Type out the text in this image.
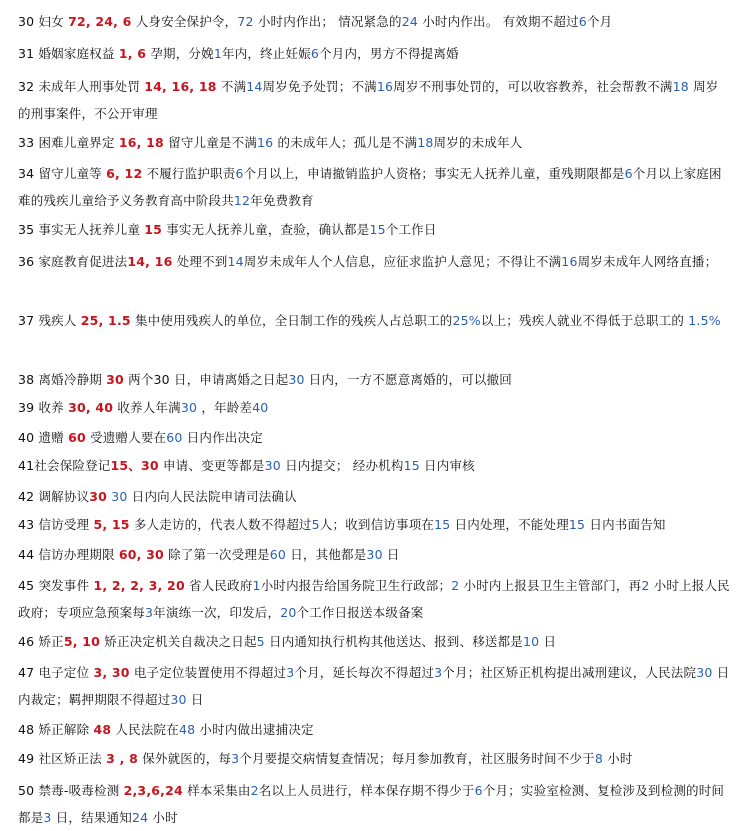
30 妇女 72, 24, 6 人身安全保护令，72 小时内作出； 情况紧急的24 小时内作出。 有效期不超过6个月
31 婚姻家庭权益 1, 6 孕期，分娩1年内，终止妊娠6个月内，男方不得提离婚
32 未成年人刑事处罚 14, 16, 18 不满14周岁免予处罚；不满16周岁不刑事处罚的，可以收容教养，社会帮教不满18 周岁的刑事案件，不公开审理
33 困难儿童界定 16, 18 留守儿童是不满16 的未成年人；孤儿是不满18周岁的未成年人
34 留守儿童等 6, 12 不履行监护职责6个月以上，申请撤销监护人资格；事实无人抚养儿童，重残期限都是6个月以上家庭困难的残疾儿童给予义务教育高中阶段共12年免费教育
35 事实无人抚养儿童 15 事实无人抚养儿童，查验，确认都是15个工作日
36 家庭教育促进法14, 16 处理不到14周岁未成年人个人信息，应征求监护人意见；不得让不满16周岁未成年人网络直播；
37 残疾人 25, 1.5 集中使用残疾人的单位，全日制工作的残疾人占总职工的25%以上；残疾人就业不得低于总职工的 1.5%
38 离婚冷静期 30 两个30 日，申请离婚之日起30 日内，一方不愿意离婚的，可以撤回
39 收养 30, 40 收养人年满30 ，年龄差40
40 遗赠 60 受遗赠人要在60 日内作出决定
41社会保险登记15、30 申请、变更等都是30 日内提交； 经办机构15 日内审核
42 调解协议30 30 日内向人民法院申请司法确认
43 信访受理 5, 15 多人走访的，代表人数不得超过5人；收到信访事项在15 日内处理，不能处理15 日内书面告知
44 信访办理期限 60, 30 除了第一次受理是60 日，其他都是30 日
45 突发事件 1, 2, 2, 3, 20 省人民政府1小时内报告给国务院卫生行政部；2 小时内上报县卫生主管部门，再2 小时上报人民政府；专项应急预案每3年演练一次，印发后，20个工作日报送本级备案
46 矫正5, 10 矫正决定机关自裁决之日起5 日内通知执行机构其他送达、报到、移送都是10 日
47 电子定位 3, 30 电子定位装置使用不得超过3个月，延长每次不得超过3个月；社区矫正机构提出减刑建议，人民法院30 日内裁定；羁押期限不得超过30 日
48 矫正解除 48 人民法院在48 小时内做出逮捕决定
49 社区矫正法 3 , 8 保外就医的，每3个月要提交病情复查情况；每月参加教育，社区服务时间不少于8 小时
50 禁毒-吸毒检测 2,3,6,24 样本采集由2名以上人员进行，样本保存期不得少于6个月；实验室检测、复检涉及到检测的时间都是3 日，结果通知24 小时
